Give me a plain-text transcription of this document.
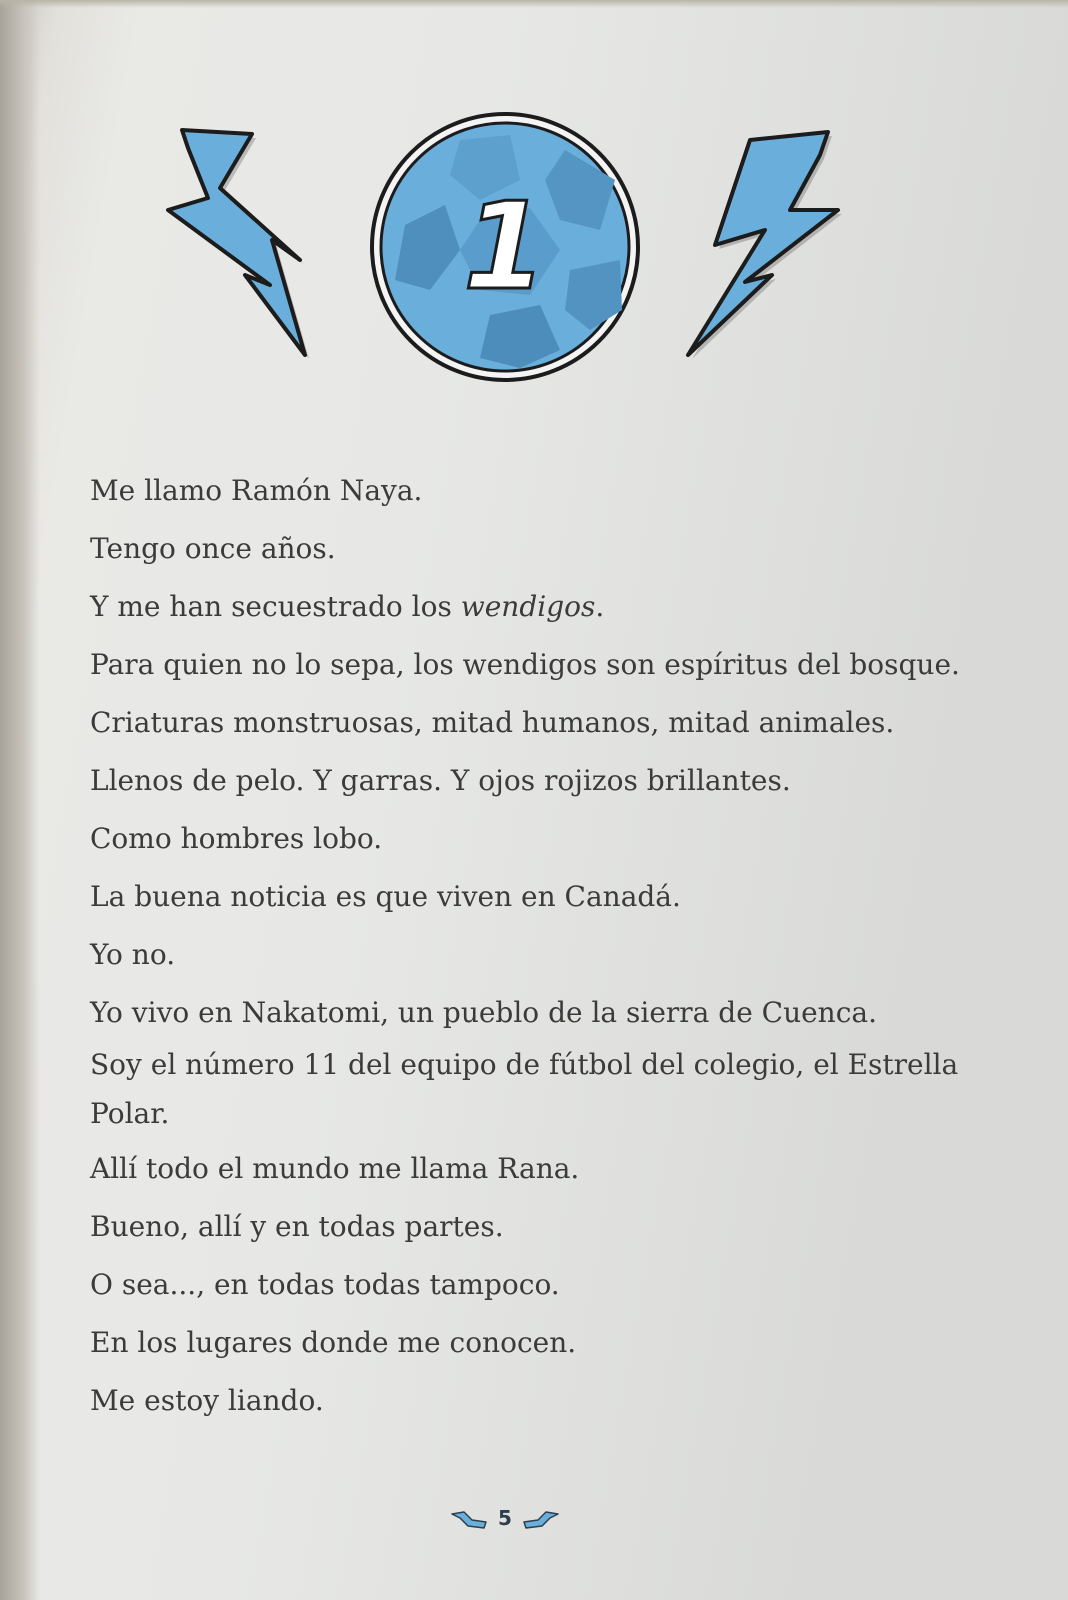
1

Me llamo Ramón Naya.

Tengo once años.

Y me han secuestrado los wendigos.

Para quien no lo sepa, los wendigos son espíritus del bosque.

Criaturas monstruosas, mitad humanos, mitad animales.

Llenos de pelo. Y garras. Y ojos rojizos brillantes.

Como hombres lobo.

La buena noticia es que viven en Canadá.

Yo no.

Yo vivo en Nakatomi, un pueblo de la sierra de Cuenca.

Soy el número 11 del equipo de fútbol del colegio, el Estrella

Polar.

Allí todo el mundo me llama Rana.

Bueno, allí y en todas partes.

O sea..., en todas todas tampoco.

En los lugares donde me conocen.

Me estoy liando.

5
